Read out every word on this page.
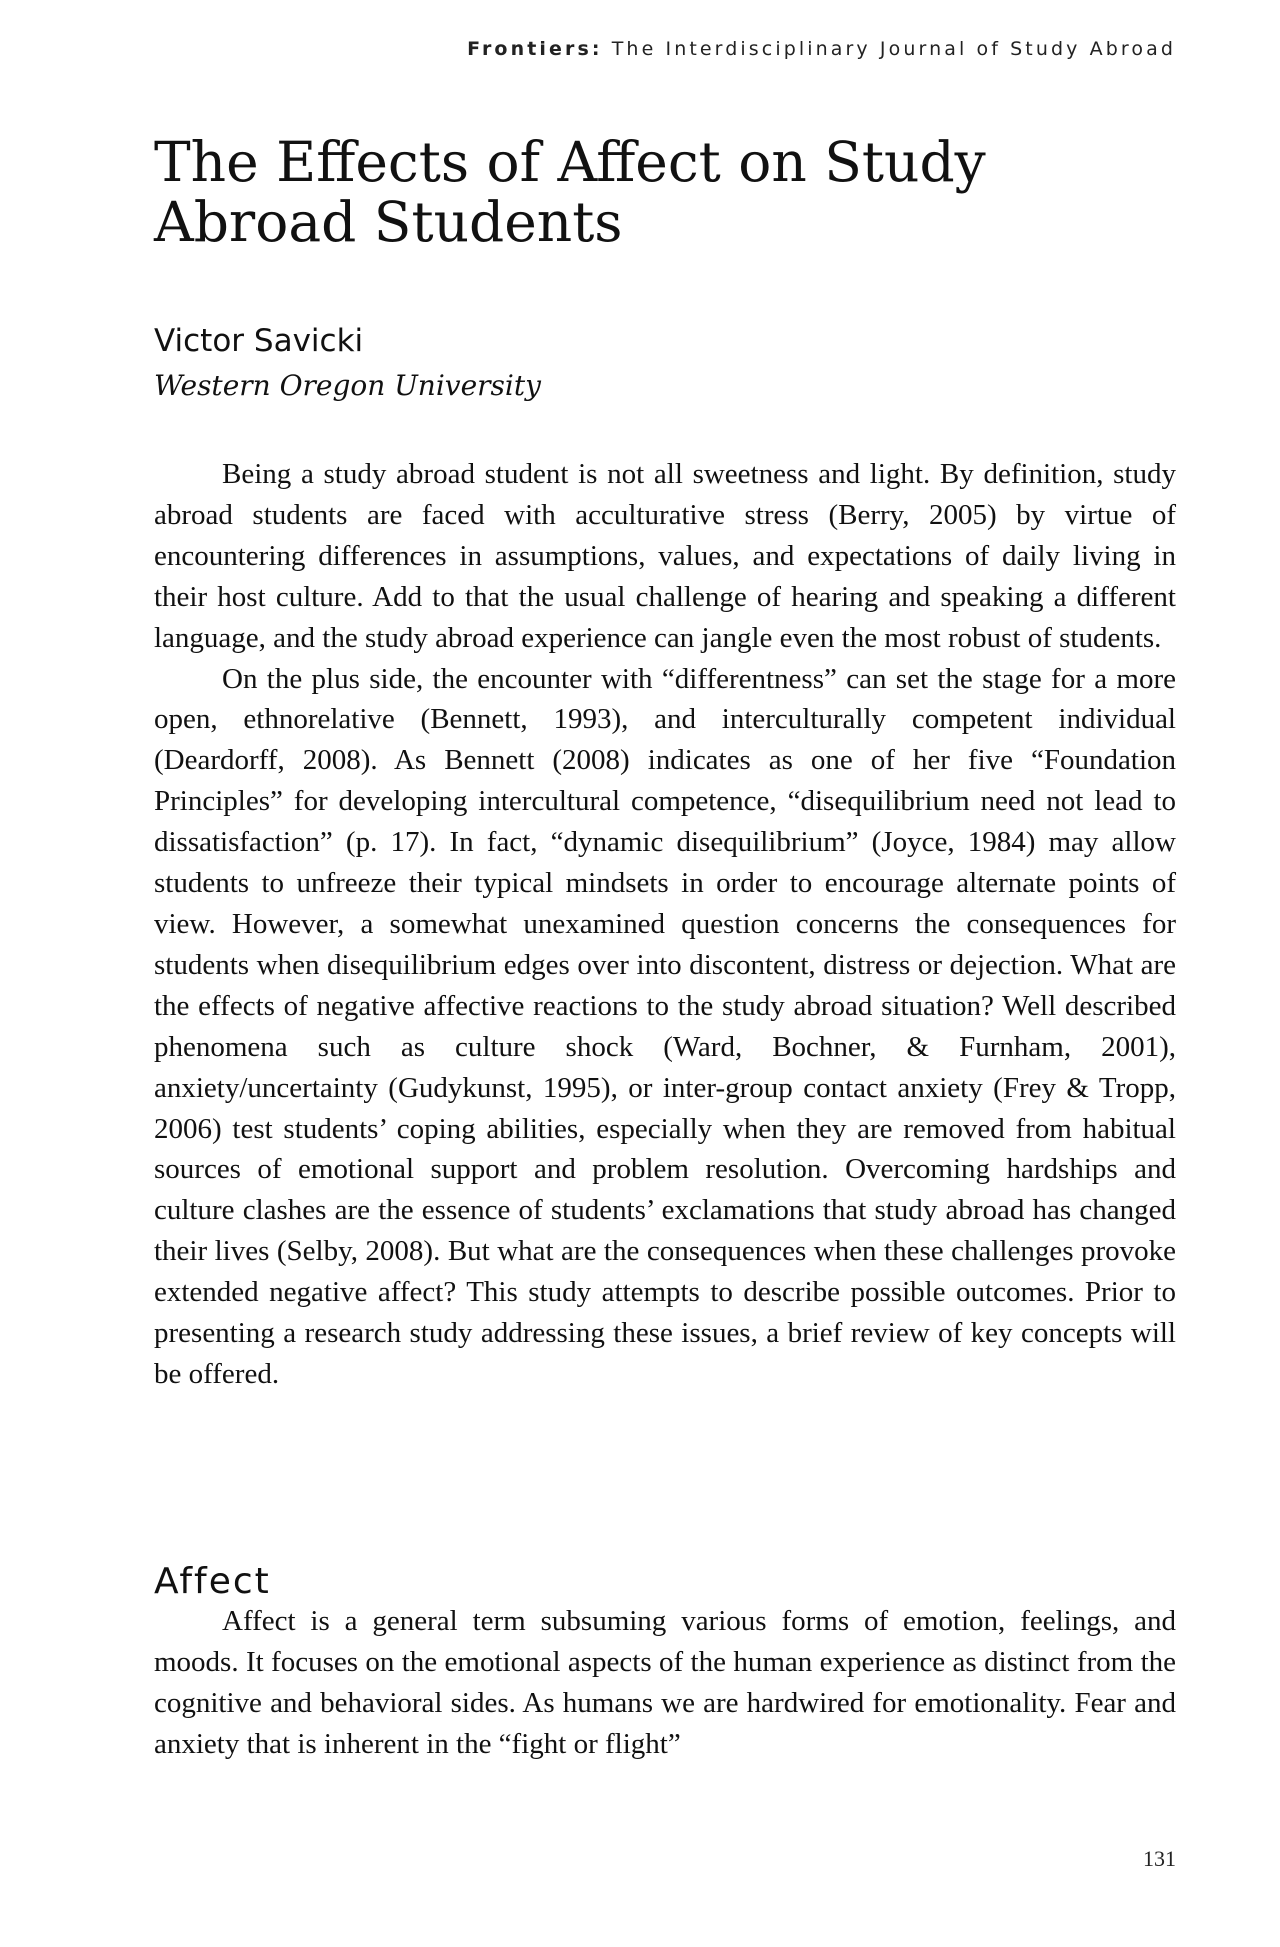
Frontiers: The Interdisciplinary Journal of Study Abroad
The Effects of Affect on Study Abroad Students
Victor Savicki
Western Oregon University

Being a study abroad student is not all sweetness and light. By definition, study abroad students are faced with acculturative stress (Berry, 2005) by virtue of encountering differences in assumptions, values, and expectations of daily living in their host culture. Add to that the usual challenge of hearing and speaking a different language, and the study abroad experience can jangle even the most robust of students.

On the plus side, the encounter with “differentness” can set the stage for a more open, ethnorelative (Bennett, 1993), and interculturally competent individual (Deardorff, 2008). As Bennett (2008) indicates as one of her five “Foundation Principles” for developing intercultural competence, “disequilibrium need not lead to dissatisfaction” (p. 17). In fact, “dynamic disequilibrium” (Joyce, 1984) may allow students to unfreeze their typical mindsets in order to encourage alternate points of view. However, a somewhat unexamined question concerns the consequences for students when disequilibrium edges over into discontent, distress or dejection. What are the effects of negative affective reactions to the study abroad situation? Well described phenomena such as culture shock (Ward, Bochner, & Furnham, 2001), anxiety/uncertainty (Gudykunst, 1995), or inter-group contact anxiety (Frey & Tropp, 2006) test students’ coping abilities, especially when they are removed from habitual sources of emotional support and problem resolution. Overcoming hardships and culture clashes are the essence of students’ exclamations that study abroad has changed their lives (Selby, 2008). But what are the consequences when these challenges provoke extended negative affect? This study attempts to describe possible outcomes. Prior to presenting a research study addressing these issues, a brief review of key concepts will be offered.

Affect

Affect is a general term subsuming various forms of emotion, feelings, and moods. It focuses on the emotional aspects of the human experience as distinct from the cognitive and behavioral sides. As humans we are hardwired for emotionality. Fear and anxiety that is inherent in the “fight or flight”

131
